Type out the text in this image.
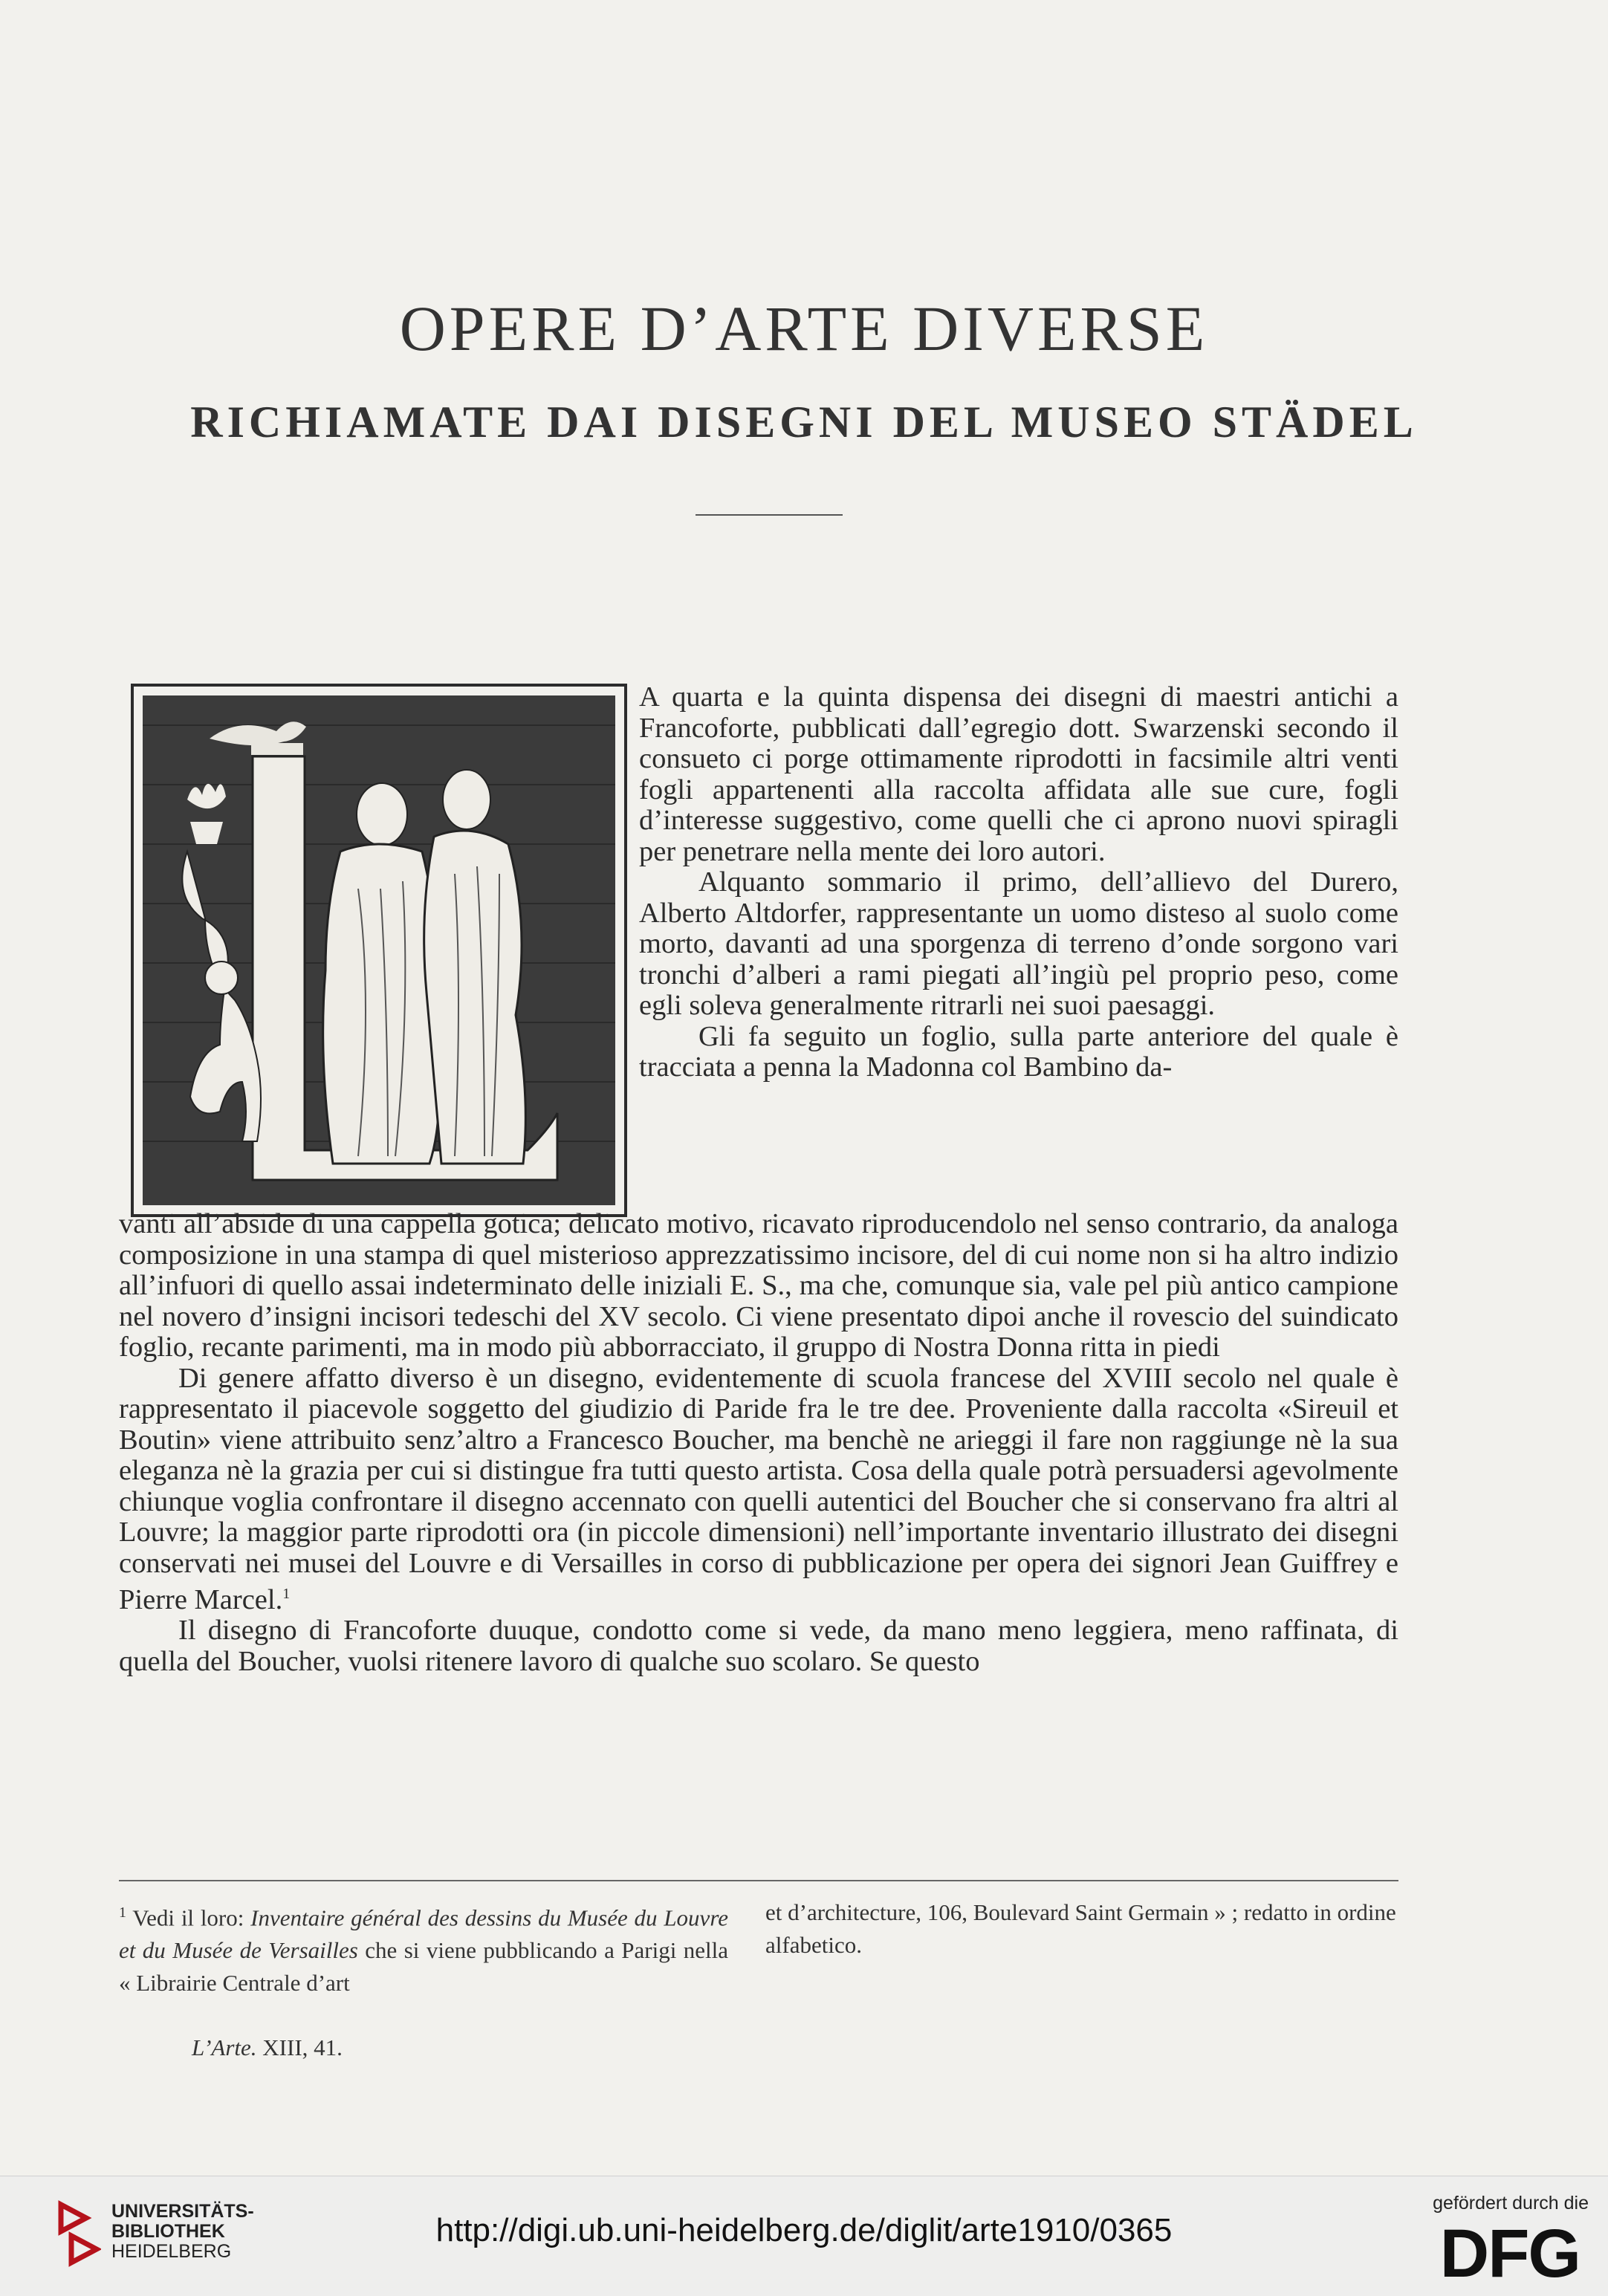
OPERE D’ARTE DIVERSE
RICHIAMATE DAI DISEGNI DEL MUSEO STÄDEL

A quarta e la quinta dispensa dei disegni di maestri antichi a Francoforte, pubblicati dall’egregio dott. Swarzenski secondo il consueto ci porge ottimamente riprodotti in facsimile altri venti fogli appartenenti alla raccolta affidata alle sue cure, fogli d’interesse suggestivo, come quelli che ci aprono nuovi spiragli per penetrare nella mente dei loro autori.

Alquanto sommario il primo, dell’allievo del Durero, Alberto Altdorfer, rappresentante un uomo disteso al suolo come morto, davanti ad una sporgenza di terreno d’onde sorgono vari tronchi d’alberi a rami piegati all’ingiù pel proprio peso, come egli soleva generalmente ritrarli nei suoi paesaggi.

Gli fa seguito un foglio, sulla parte anteriore del quale è tracciata a penna la Madonna col Bambino da-

vanti all’abside di una cappella gotica; delicato motivo, ricavato riproducendolo nel senso contrario, da analoga composizione in una stampa di quel misterioso apprezzatissimo incisore, del di cui nome non si ha altro indizio all’infuori di quello assai indeterminato delle iniziali E. S., ma che, comunque sia, vale pel più antico campione nel novero d’insigni incisori tedeschi del XV secolo. Ci viene presentato dipoi anche il rovescio del suindicato foglio, recante parimenti, ma in modo più abborracciato, il gruppo di Nostra Donna ritta in piedi

Di genere affatto diverso è un disegno, evidentemente di scuola francese del XVIII secolo nel quale è rappresentato il piacevole soggetto del giudizio di Paride fra le tre dee. Proveniente dalla raccolta «Sireuil et Boutin» viene attribuito senz’altro a Francesco Boucher, ma benchè ne arieggi il fare non raggiunge nè la sua eleganza nè la grazia per cui si distingue fra tutti questo artista. Cosa della quale potrà persuadersi agevolmente chiunque voglia confrontare il disegno accennato con quelli autentici del Boucher che si conservano fra altri al Louvre; la maggior parte riprodotti ora (in piccole dimensioni) nell’importante inventario illustrato dei disegni conservati nei musei del Louvre e di Versailles in corso di pubblicazione per opera dei signori Jean Guiffrey e Pierre Marcel.$^1$

Il disegno di Francoforte duuque, condotto come si vede, da mano meno leggiera, meno raffinata, di quella del Boucher, vuolsi ritenere lavoro di qualche suo scolaro. Se questo

$^1$ Vedi il loro: Inventaire général des dessins du Musée du Louvre et du Musée de Versailles che si viene pubblicando a Parigi nella « Librairie Centrale d’art
et d’architecture, 106, Boulevard Saint Germain » ; redatto in ordine alfabetico.
L’Arte. XIII, 41.
UNIVERSITÄTS-
BIBLIOTHEK
HEIDELBERG
http://digi.ub.uni-heidelberg.de/diglit/arte1910/0365
gefördert durch die
DFG
